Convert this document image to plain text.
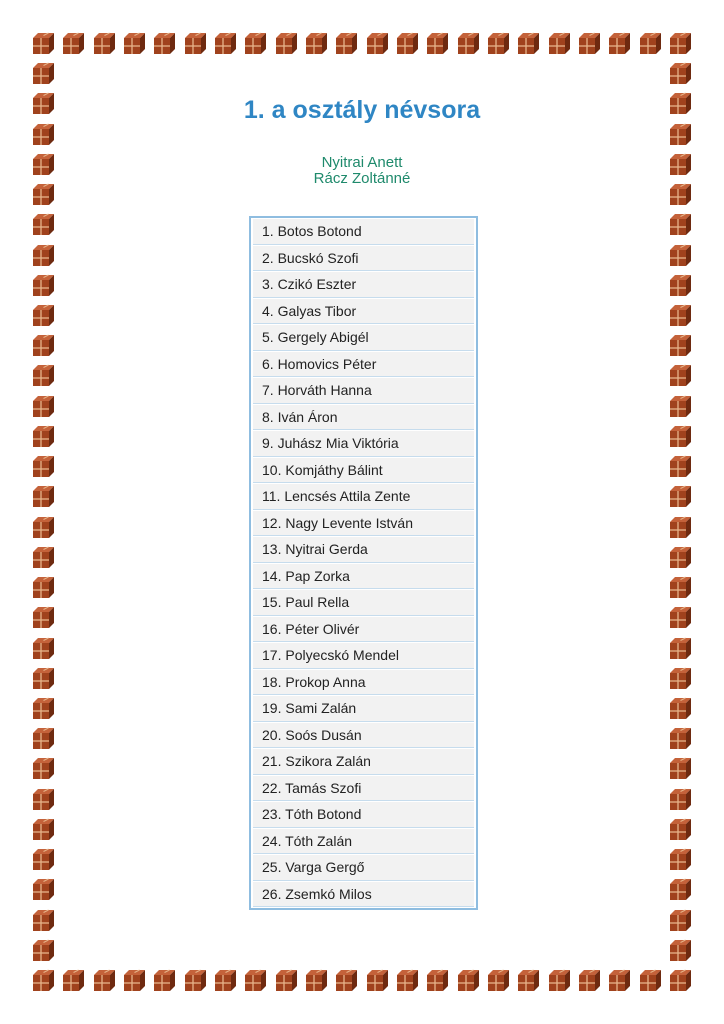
1. a osztály névsora
Nyitrai Anett
Rácz Zoltánné
1. Botos Botond
2. Bucskó Szofi
3. Czikó Eszter
4. Galyas Tibor
5. Gergely Abigél
6. Homovics Péter
7. Horváth Hanna
8. Iván Áron
9. Juhász Mia Viktória
10. Komjáthy Bálint
11. Lencsés Attila Zente
12. Nagy Levente István
13. Nyitrai Gerda
14. Pap Zorka
15. Paul Rella
16. Péter Olivér
17. Polyecskó Mendel
18. Prokop Anna
19. Sami Zalán
20. Soós Dusán
21. Szikora Zalán
22. Tamás Szofi
23. Tóth Botond
24. Tóth Zalán
25. Varga Gergő
26. Zsemkó Milos
